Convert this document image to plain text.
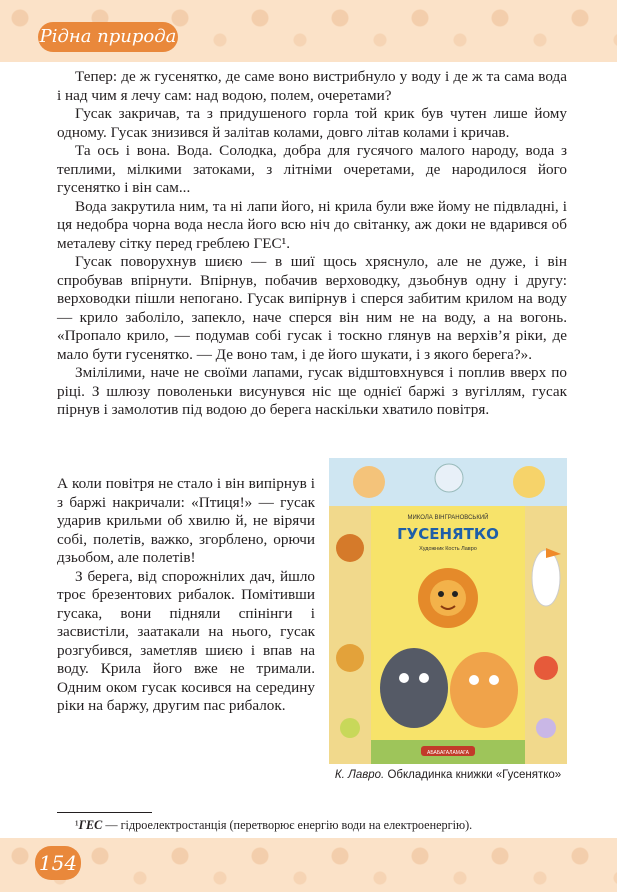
Рідна природа

Тепер: де ж гусенятко, де саме воно вистрибнуло у воду і де ж та сама вода і над чим я лечу сам: над водою, полем, очеретами?

Гусак закричав, та з придушеного горла той крик був чутен лише йому одному. Гусак знизився й залітав колами, довго літав колами і кричав.

Та ось і вона. Вода. Солодка, добра для гусячого малого народу, вода з теплими, мілкими затоками, з літніми очеретами, де народилося його гусенятко і він сам...

Вода закрутила ним, та ні лапи його, ні крила були вже йому не підвладні, і ця недобра чорна вода несла його всю ніч до світанку, аж доки не вдарився об металеву сітку перед греблею ГЕС¹.

Гусак поворухнув шиєю — в шиї щось хряснуло, але не дуже, і він спробував впірнути. Впірнув, побачив верховодку, дзьобнув одну і другу: верховодки пішли непогано. Гусак випірнув і сперся забитим крилом на воду — крило заболіло, запекло, наче сперся він ним не на воду, а на вогонь. «Пропало крило, — подумав собі гусак і тоскно глянув на верхів’я ріки, де мало бути гусенятко. — Де воно там, і де його шукати, і з якого берега?».

Змілілими, наче не своїми лапами, гусак відштовхнувся і поплив вверх по ріці. З шлюзу поволеньки висунувся ніс ще однієї баржі з вугіллям, гусак пірнув і замолотив під водою до берега наскільки хватило повітря.

А коли повітря не стало і він випірнув і з баржі накричали: «Птиця!» — гусак ударив крильми об хвилю й, не вірячи собі, полетів, важко, згорблено, орючи дзьобом, але полетів!

З берега, від спорожнілих дач, йшло троє брезентових рибалок. Помітивши гусака, вони підняли спінінги і засвистіли, заатакали на нього, гусак розгубився, заметляв шиєю і впав на воду. Крила його вже не тримали. Одним оком гусак косився на середину ріки на баржу, другим пас рибалок.

МИКОЛА ВІНГРАНОВСЬКИЙ
ГУСЕНЯТКО
Художник Кость Лавро
АБАБАГАЛАМАГА
К. Лавро. Обкладинка книжки «Гусенятко»
¹ГЕС — гідроелектростанція (перетворює енергію води на електроенергію).
154
